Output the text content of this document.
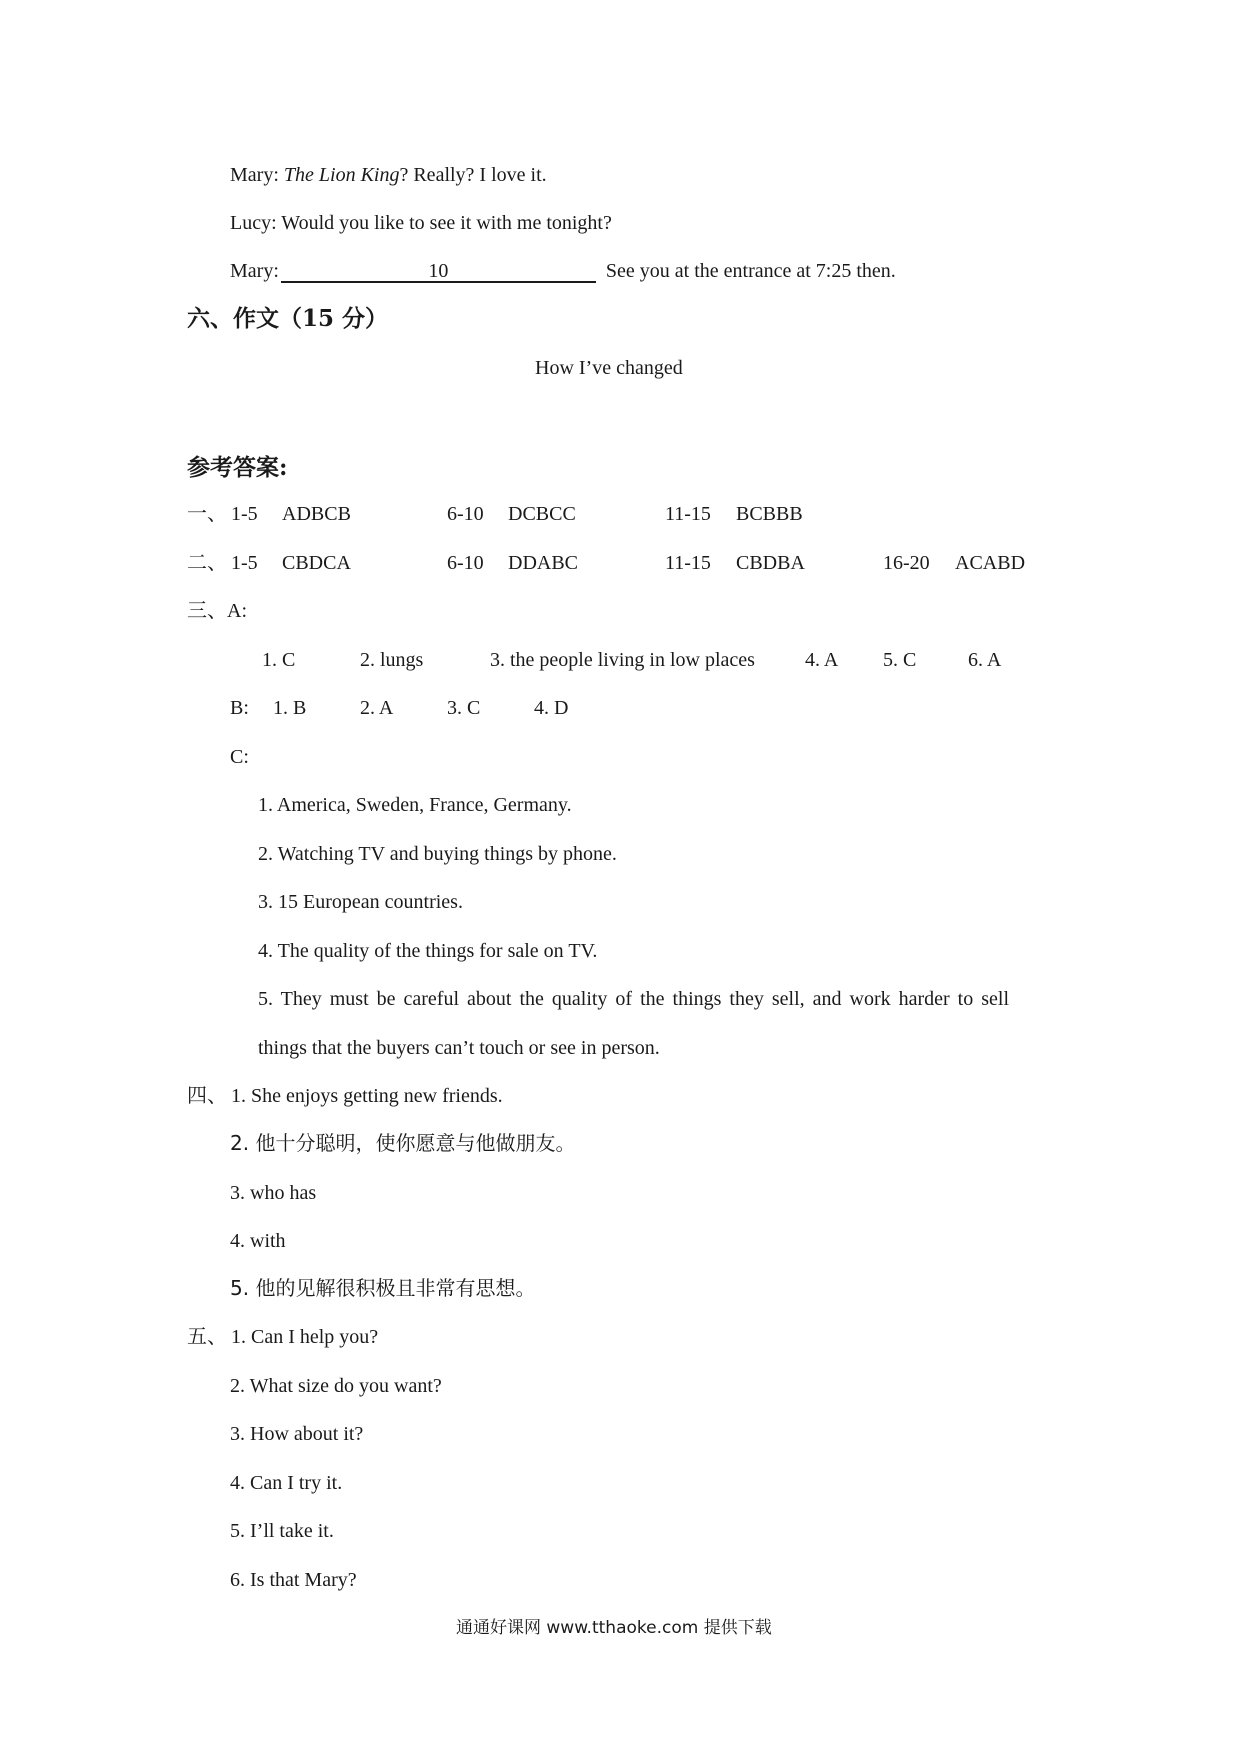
Mary: The Lion King? Really? I love it.
Lucy: Would you like to see it with me tonight?
Mary:	10	See you at the entrance at 7:25 then.
六、作文（15 分）
How I’ve changed
参考答案:
一、 1-5 ADBCB	6-10 DCBCC	11-15 BCBBB
二、 1-5 CBDCA	6-10 DDABC	11-15 CBDBA	16-20 ACABD
三、A:
1. C	2. lungs	3. the people living in low places	4. A 5. C	6. A
B: 1. B	2. A	3. C	4. D
C:
1. America, Sweden, France, Germany.
2. Watching TV and buying things by phone.
3. 15 European countries.
4. The quality of the things for sale on TV.
5. They must be careful about the quality of the things they sell, and work harder to sell
things that the buyers can’t touch or see in person.
四、 1. She enjoys getting new friends.
2. 他十分聪明，使你愿意与他做朋友。
3. who has
4. with
5. 他的见解很积极且非常有思想。
五、 1. Can I help you?
2. What size do you want?
3. How about it?
4. Can I try it.
5. I’ll take it.
6. Is that Mary?
通通好课网 www.tthaoke.com 提供下载
